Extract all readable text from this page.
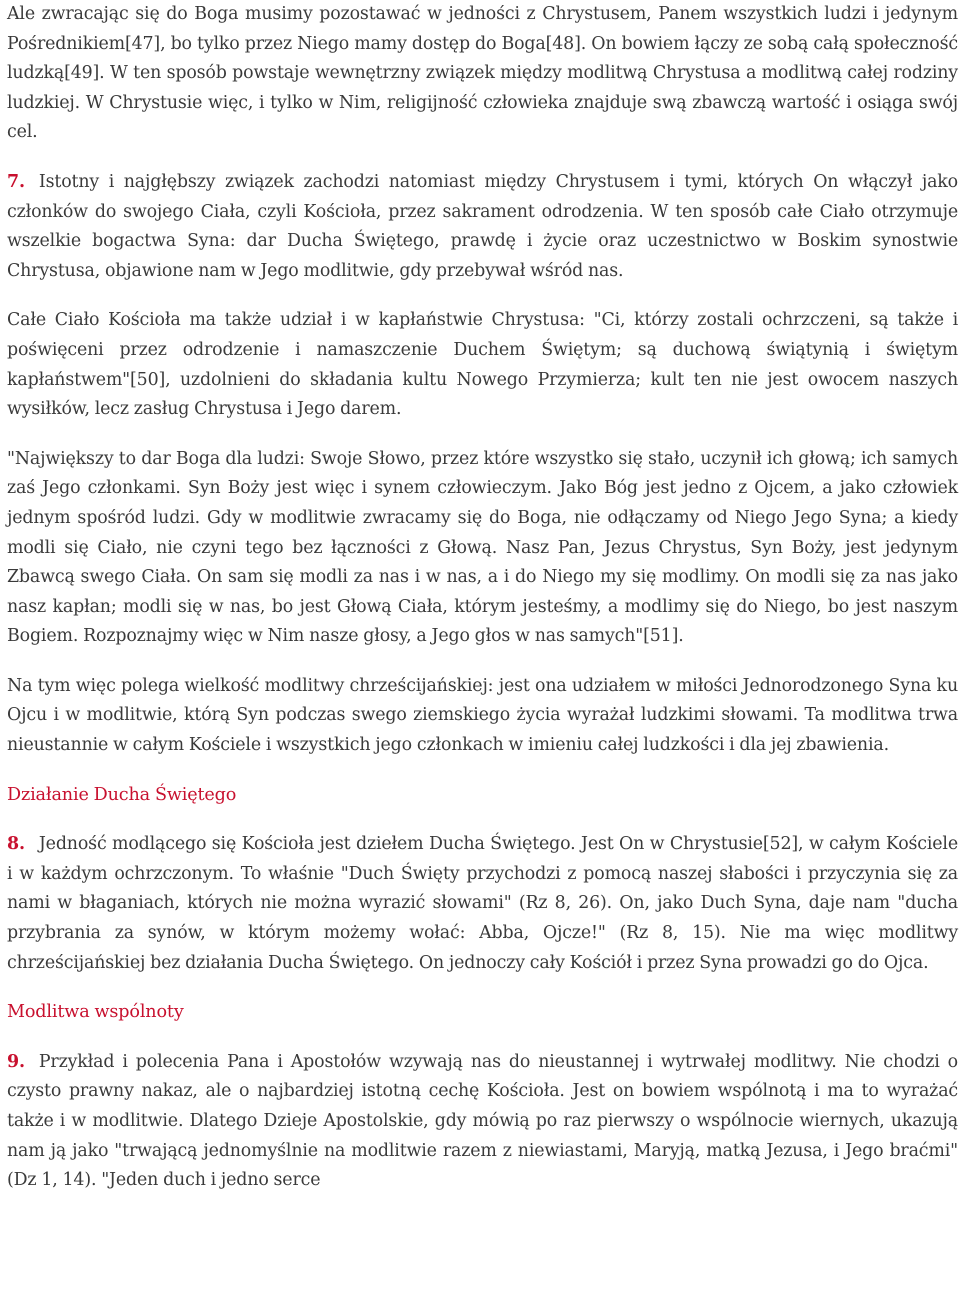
Ale zwracając się do Boga musimy pozostawać w jedności z Chrystusem, Panem wszystkich ludzi i jedynym Pośrednikiem[47], bo tylko przez Niego mamy dostęp do Boga[48]. On bowiem łączy ze sobą całą społeczność ludzką[49]. W ten sposób powstaje wewnętrzny związek między modlitwą Chrystusa a modlitwą całej rodziny ludzkiej. W Chrystusie więc, i tylko w Nim, religijność człowieka znajduje swą zbawczą wartość i osiąga swój cel.

7. Istotny i najgłębszy związek zachodzi natomiast między Chrystusem i tymi, których On włączył jako członków do swojego Ciała, czyli Kościoła, przez sakrament odrodzenia. W ten sposób całe Ciało otrzymuje wszelkie bogactwa Syna: dar Ducha Świętego, prawdę i życie oraz uczestnictwo w Boskim synostwie Chrystusa, objawione nam w Jego modlitwie, gdy przebywał wśród nas.

Całe Ciało Kościoła ma także udział i w kapłaństwie Chrystusa: "Ci, którzy zostali ochrzczeni, są także i poświęceni przez odrodzenie i namaszczenie Duchem Świętym; są duchową świątynią i świętym kapłaństwem"[50], uzdolnieni do składania kultu Nowego Przymierza; kult ten nie jest owocem naszych wysiłków, lecz zasług Chrystusa i Jego darem.

"Największy to dar Boga dla ludzi: Swoje Słowo, przez które wszystko się stało, uczynił ich głową; ich samych zaś Jego członkami. Syn Boży jest więc i synem człowieczym. Jako Bóg jest jedno z Ojcem, a jako człowiek jednym spośród ludzi. Gdy w modlitwie zwracamy się do Boga, nie odłączamy od Niego Jego Syna; a kiedy modli się Ciało, nie czyni tego bez łączności z Głową. Nasz Pan, Jezus Chrystus, Syn Boży, jest jedynym Zbawcą swego Ciała. On sam się modli za nas i w nas, a i do Niego my się modlimy. On modli się za nas jako nasz kapłan; modli się w nas, bo jest Głową Ciała, którym jesteśmy, a modlimy się do Niego, bo jest naszym Bogiem. Rozpoznajmy więc w Nim nasze głosy, a Jego głos w nas samych"[51].

Na tym więc polega wielkość modlitwy chrześcijańskiej: jest ona udziałem w miłości Jednorodzonego Syna ku Ojcu i w modlitwie, którą Syn podczas swego ziemskiego życia wyrażał ludzkimi słowami. Ta modlitwa trwa nieustannie w całym Kościele i wszystkich jego członkach w imieniu całej ludzkości i dla jej zbawienia.

Działanie Ducha Świętego

8. Jedność modlącego się Kościoła jest dziełem Ducha Świętego. Jest On w Chrystusie[52], w całym Kościele i w każdym ochrzczonym. To właśnie "Duch Święty przychodzi z pomocą naszej słabości i przyczynia się za nami w błaganiach, których nie można wyrazić słowami" (Rz 8, 26). On, jako Duch Syna, daje nam "ducha przybrania za synów, w którym możemy wołać: Abba, Ojcze!" (Rz 8, 15). Nie ma więc modlitwy chrześcijańskiej bez działania Ducha Świętego. On jednoczy cały Kościół i przez Syna prowadzi go do Ojca.

Modlitwa wspólnoty

9. Przykład i polecenia Pana i Apostołów wzywają nas do nieustannej i wytrwałej modlitwy. Nie chodzi o czysto prawny nakaz, ale o najbardziej istotną cechę Kościoła. Jest on bowiem wspólnotą i ma to wyrażać także i w modlitwie. Dlatego Dzieje Apostolskie, gdy mówią po raz pierwszy o wspólnocie wiernych, ukazują nam ją jako "trwającą jednomyślnie na modlitwie razem z niewiastami, Maryją, matką Jezusa, i Jego braćmi" (Dz 1, 14). "Jeden duch i jedno serce
